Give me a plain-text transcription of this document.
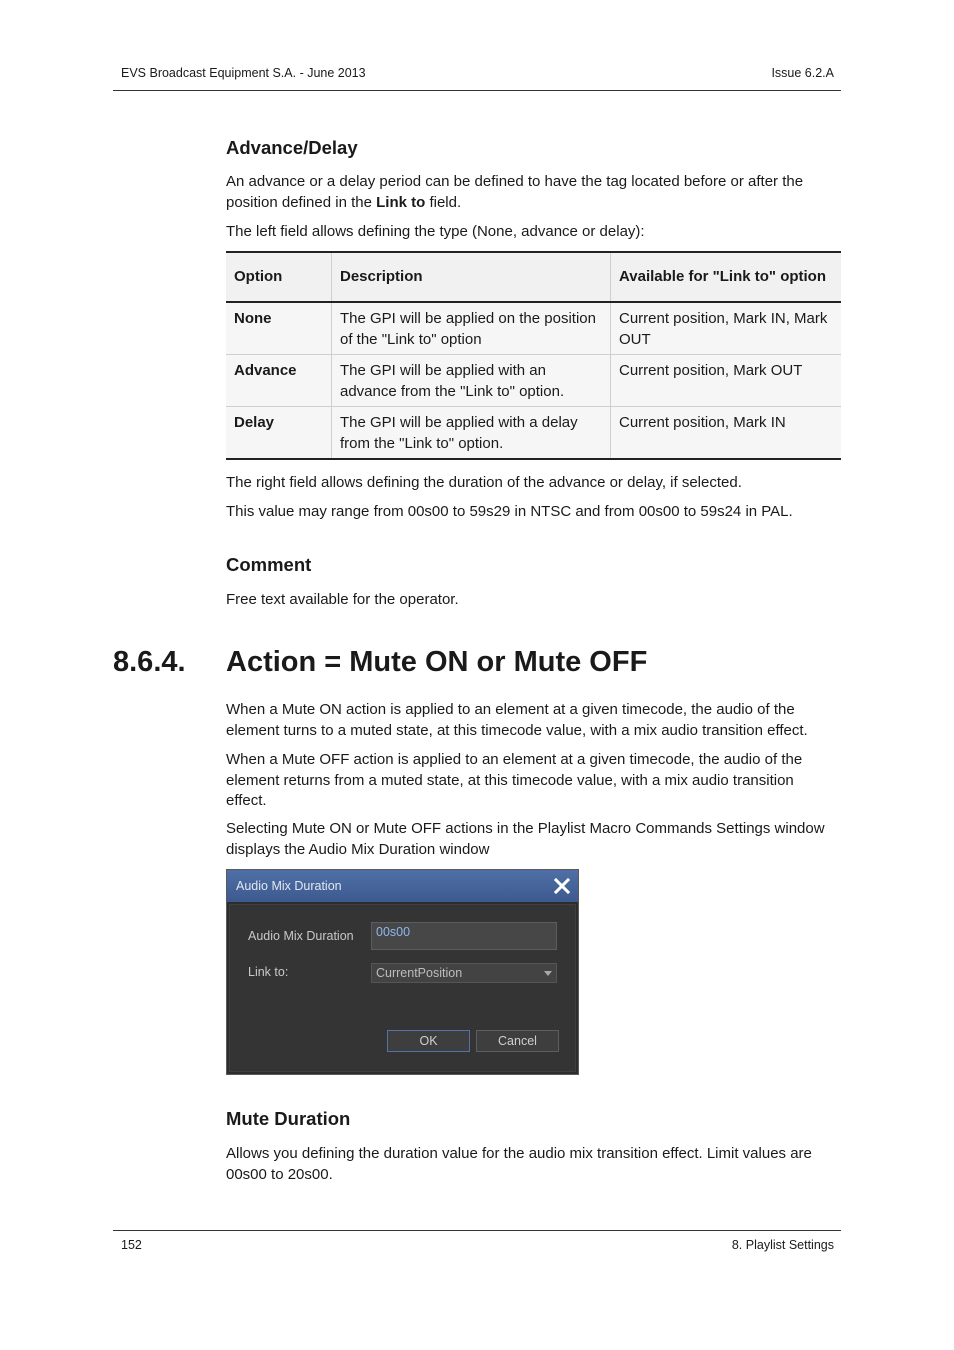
EVS Broadcast Equipment S.A. - June 2013	Issue 6.2.A
Advance/Delay
An advance or a delay period can be defined to have the tag located before or after the position defined in the Link to field.
The left field allows defining the type (None, advance or delay):
Option	Description	Available for "Link to" option
None	The GPI will be applied on the position of the "Link to" option	Current position, Mark IN, Mark OUT
Advance	The GPI will be applied with an advance from the "Link to" option.	Current position, Mark OUT
Delay	The GPI will be applied with a delay from the "Link to" option.	Current position, Mark IN
The right field allows defining the duration of the advance or delay, if selected.
This value may range from 00s00 to 59s29 in NTSC and from 00s00 to 59s24 in PAL.
Comment
Free text available for the operator.
8.6.4. Action = Mute ON or Mute OFF
When a Mute ON action is applied to an element at a given timecode, the audio of the element turns to a muted state, at this timecode value, with a mix audio transition effect.
When a Mute OFF action is applied to an element at a given timecode, the audio of the element returns from a muted state, at this timecode value, with a mix audio transition effect.
Selecting Mute ON or Mute OFF actions in the Playlist Macro Commands Settings window displays the Audio Mix Duration window
Audio Mix Duration
Audio Mix Duration	00s00
Link to:	CurrentPosition
OK	Cancel
Mute Duration
Allows you defining the duration value for the audio mix transition effect. Limit values are 00s00 to 20s00.
152	8. Playlist Settings
